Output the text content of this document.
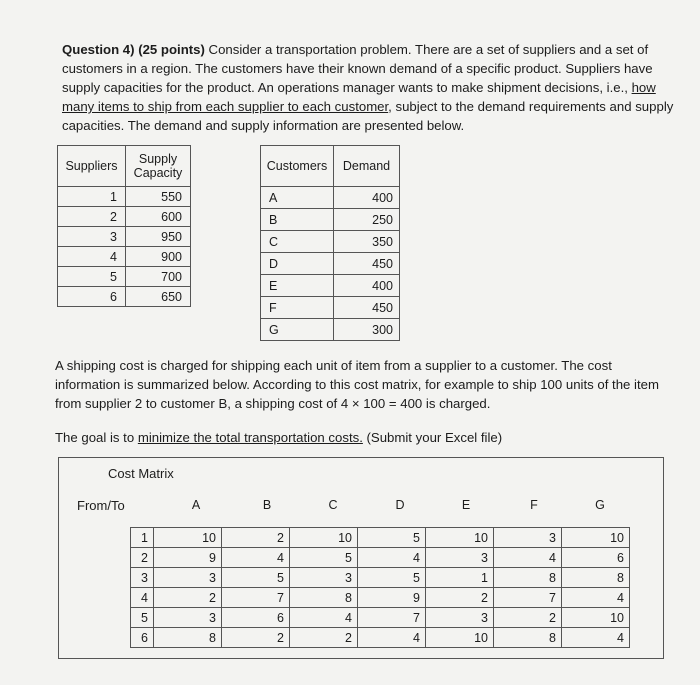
Question 4) (25 points) Consider a transportation problem. There are a set of suppliers and a set of customers in a region. The customers have their known demand of a specific product. Suppliers have supply capacities for the product. An operations manager wants to make shipment decisions, i.e., how many items to ship from each supplier to each customer, subject to the demand requirements and supply capacities. The demand and supply information are presented below.
Suppliers	Supply Capacity
1	550
2	600
3	950
4	900
5	700
6	650
Customers	Demand
A	400
B	250
C	350
D	450
E	400
F	450
G	300
A shipping cost is charged for shipping each unit of item from a supplier to a customer. The cost information is summarized below. According to this cost matrix, for example to ship 100 units of the item from supplier 2 to customer B, a shipping cost of 4 × 100 = 400 is charged.
The goal is to minimize the total transportation costs. (Submit your Excel file)
Cost Matrix
From/To	A	B	C	D	E	F	G
1	10	2	10	5	10	3	10
2	9	4	5	4	3	4	6
3	3	5	3	5	1	8	8
4	2	7	8	9	2	7	4
5	3	6	4	7	3	2	10
6	8	2	2	4	10	8	4
